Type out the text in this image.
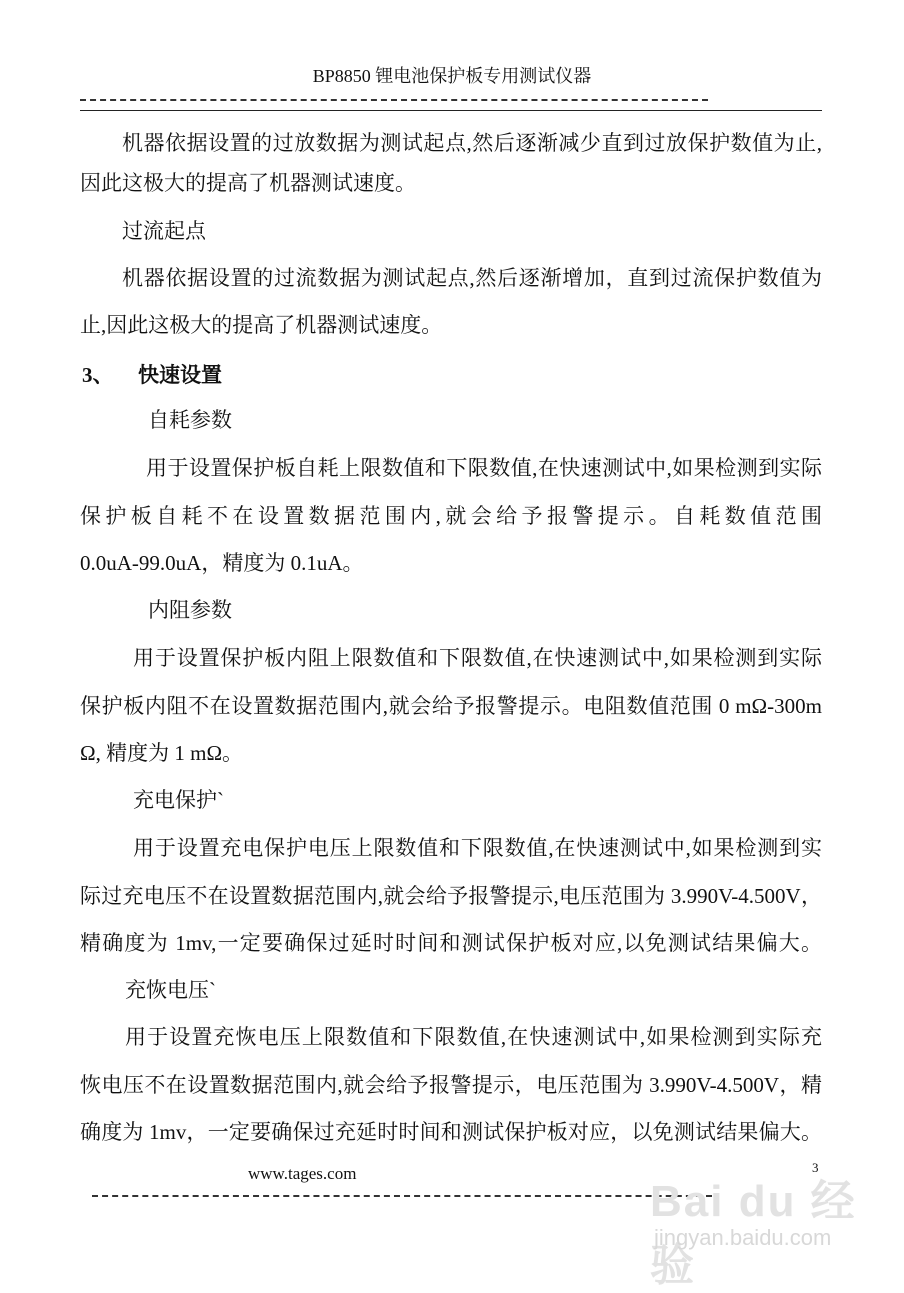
BP8850 锂电池保护板专用测试仪器
机器依据设置的过放数据为测试起点,然后逐渐减少直到过放保护数值为止,
因此这极大的提高了机器测试速度。
过流起点
机器依据设置的过流数据为测试起点,然后逐渐增加，直到过流保护数值为
止,因此这极大的提高了机器测试速度。
3、 快速设置
自耗参数
用于设置保护板自耗上限数值和下限数值,在快速测试中,如果检测到实际
保护板自耗不在设置数据范围内,就会给予报警提示。自耗数值范围
0.0uA-99.0uA，精度为 0.1uA。
内阻参数
用于设置保护板内阻上限数值和下限数值,在快速测试中,如果检测到实际
保护板内阻不在设置数据范围内,就会给予报警提示。电阻数值范围 0 mΩ-300m
Ω, 精度为 1 mΩ。
充电保护`
用于设置充电保护电压上限数值和下限数值,在快速测试中,如果检测到实
际过充电压不在设置数据范围内,就会给予报警提示,电压范围为 3.990V-4.500V，
精确度为 1mv,一定要确保过延时时间和测试保护板对应,以免测试结果偏大。
充恢电压`
用于设置充恢电压上限数值和下限数值,在快速测试中,如果检测到实际充
恢电压不在设置数据范围内,就会给予报警提示，电压范围为 3.990V-4.500V，精
确度为 1mv，一定要确保过充延时时间和测试保护板对应，以免测试结果偏大。
www.tages.com	3
Bai du 经验
jingyan.baidu.com
